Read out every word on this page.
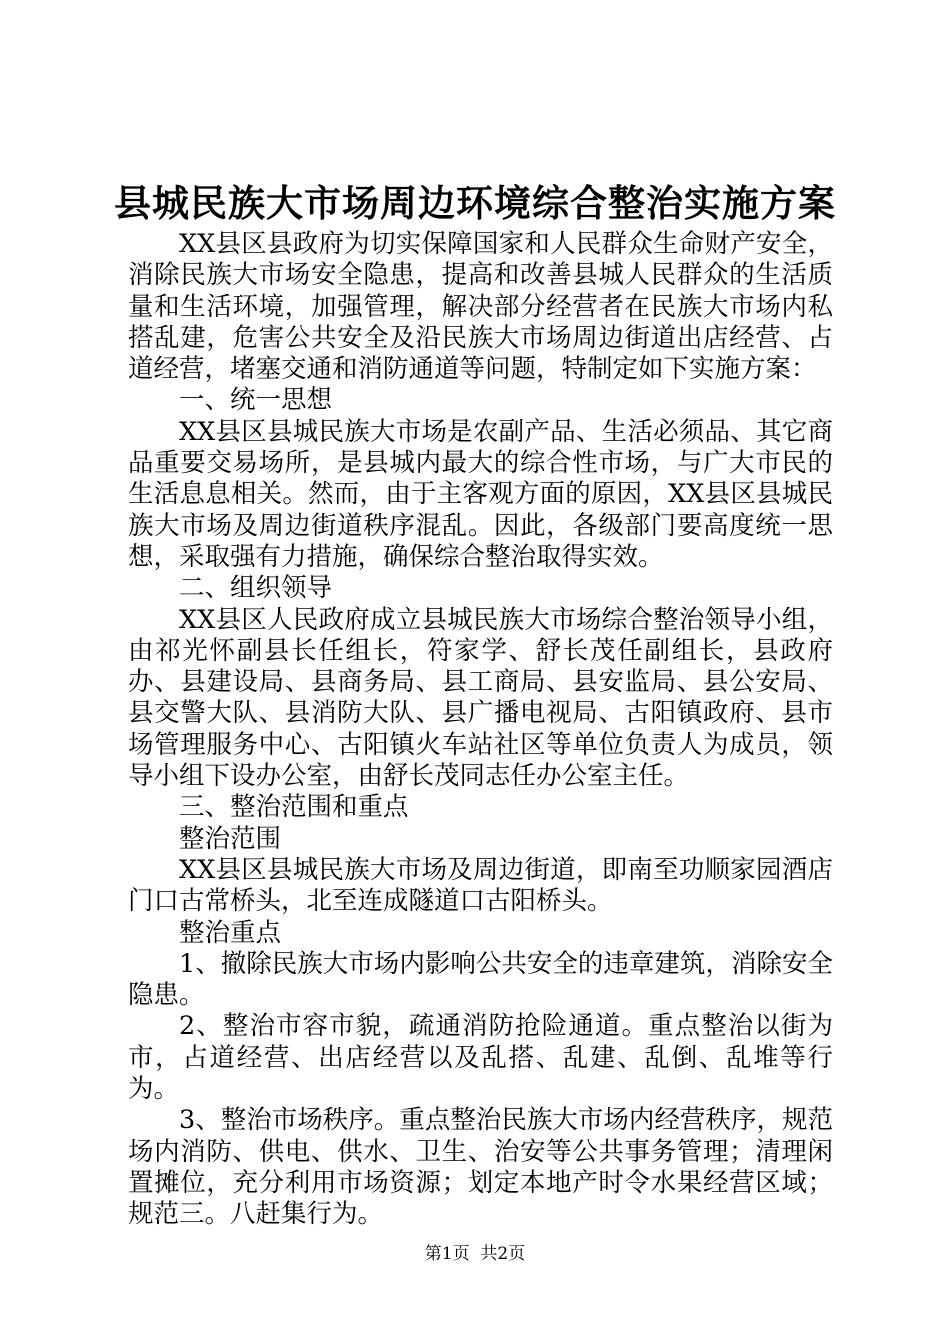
县城民族大市场周边环境综合整治实施方案

XX县区县政府为切实保障国家和人民群众生命财产安全，消除民族大市场安全隐患，提高和改善县城人民群众的生活质量和生活环境，加强管理，解决部分经营者在民族大市场内私搭乱建，危害公共安全及沿民族大市场周边街道出店经营、占道经营，堵塞交通和消防通道等问题，特制定如下实施方案：

一、统一思想

XX县区县城民族大市场是农副产品、生活必须品、其它商品重要交易场所，是县城内最大的综合性市场，与广大市民的生活息息相关。然而，由于主客观方面的原因，XX县区县城民族大市场及周边街道秩序混乱。因此，各级部门要高度统一思想，采取强有力措施，确保综合整治取得实效。

二、组织领导

XX县区人民政府成立县城民族大市场综合整治领导小组，由祁光怀副县长任组长，符家学、舒长茂任副组长，县政府办、县建设局、县商务局、县工商局、县安监局、县公安局、县交警大队、县消防大队、县广播电视局、古阳镇政府、县市场管理服务中心、古阳镇火车站社区等单位负责人为成员，领导小组下设办公室，由舒长茂同志任办公室主任。

三、整治范围和重点

整治范围

XX县区县城民族大市场及周边街道，即南至功顺家园酒店门口古常桥头，北至连成隧道口古阳桥头。

整治重点

1、撤除民族大市场内影响公共安全的违章建筑，消除安全隐患。

2、整治市容市貌，疏通消防抢险通道。重点整治以街为市，占道经营、出店经营以及乱搭、乱建、乱倒、乱堆等行为。

3、整治市场秩序。重点整治民族大市场内经营秩序，规范场内消防、供电、供水、卫生、治安等公共事务管理；清理闲置摊位，充分利用市场资源；划定本地产时令水果经营区域；规范三。八赶集行为。

第1页  共2页
